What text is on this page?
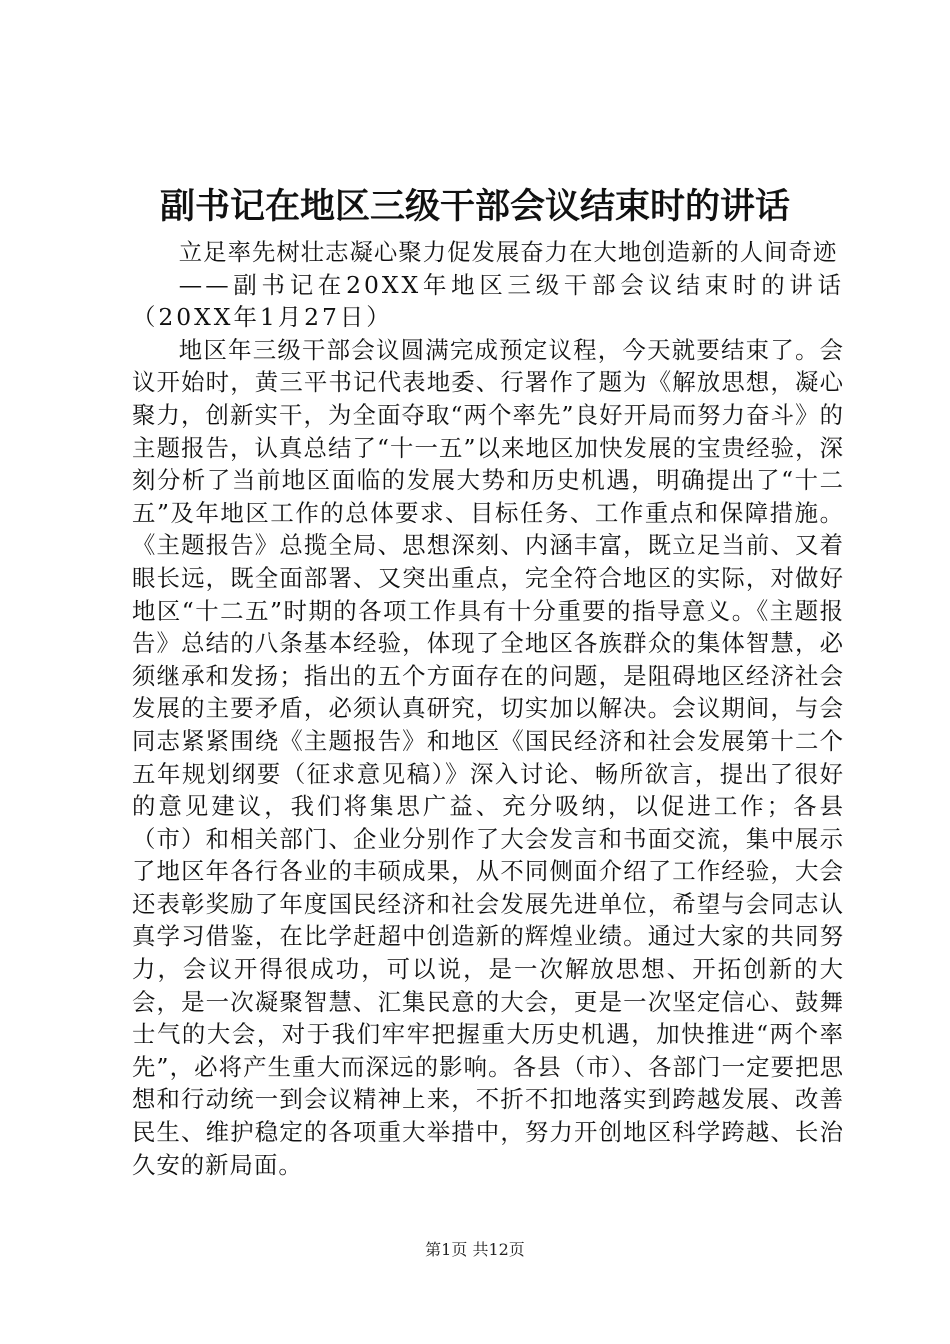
副书记在地区三级干部会议结束时的讲话

立足率先树壮志凝心聚力促发展奋力在大地创造新的人间奇迹

——副书记在20XX年地区三级干部会议结束时的讲话（20XX年1月27日）

地区年三级干部会议圆满完成预定议程，今天就要结束了。会议开始时，黄三平书记代表地委、行署作了题为《解放思想，凝心聚力，创新实干，为全面夺取“两个率先”良好开局而努力奋斗》的主题报告，认真总结了“十一五”以来地区加快发展的宝贵经验，深刻分析了当前地区面临的发展大势和历史机遇，明确提出了“十二五”及年地区工作的总体要求、目标任务、工作重点和保障措施。《主题报告》总揽全局、思想深刻、内涵丰富，既立足当前、又着眼长远，既全面部署、又突出重点，完全符合地区的实际，对做好地区“十二五”时期的各项工作具有十分重要的指导意义。《主题报告》总结的八条基本经验，体现了全地区各族群众的集体智慧，必须继承和发扬；指出的五个方面存在的问题，是阻碍地区经济社会发展的主要矛盾，必须认真研究，切实加以解决。会议期间，与会同志紧紧围绕《主题报告》和地区《国民经济和社会发展第十二个五年规划纲要（征求意见稿）》深入讨论、畅所欲言，提出了很好的意见建议，我们将集思广益、充分吸纳，以促进工作；各县（市）和相关部门、企业分别作了大会发言和书面交流，集中展示了地区年各行各业的丰硕成果，从不同侧面介绍了工作经验，大会还表彰奖励了年度国民经济和社会发展先进单位，希望与会同志认真学习借鉴，在比学赶超中创造新的辉煌业绩。通过大家的共同努力，会议开得很成功，可以说，是一次解放思想、开拓创新的大会，是一次凝聚智慧、汇集民意的大会，更是一次坚定信心、鼓舞士气的大会，对于我们牢牢把握重大历史机遇，加快推进“两个率先”，必将产生重大而深远的影响。各县（市）、各部门一定要把思想和行动统一到会议精神上来，不折不扣地落实到跨越发展、改善民生、维护稳定的各项重大举措中，努力开创地区科学跨越、长治久安的新局面。

第1页 共12页
